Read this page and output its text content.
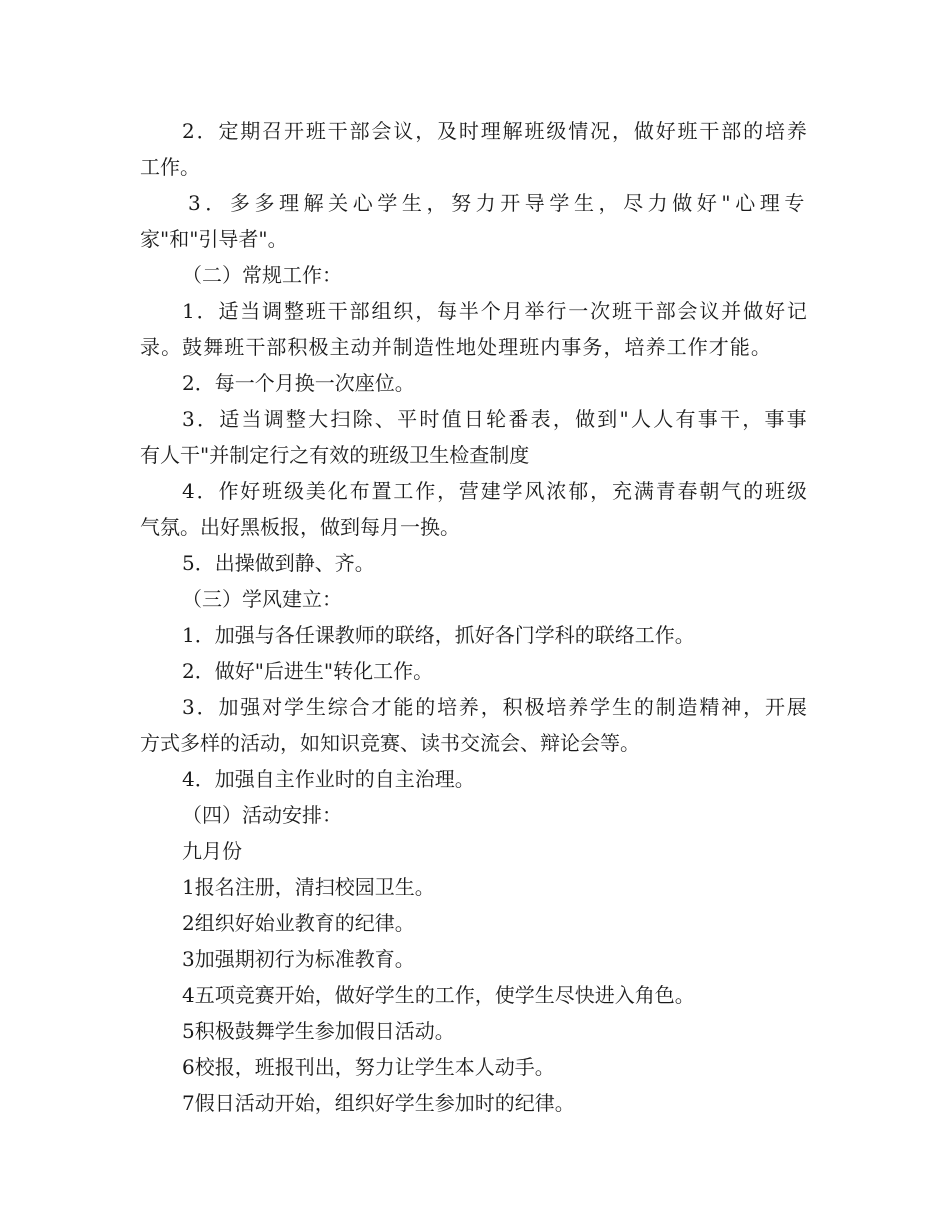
2．定期召开班干部会议，及时理解班级情况，做好班干部的培养
工作。
3．多多理解关心学生，努力开导学生，尽力做好"心理专
家"和"引导者"。
（二）常规工作：
1．适当调整班干部组织，每半个月举行一次班干部会议并做好记
录。鼓舞班干部积极主动并制造性地处理班内事务，培养工作才能。
2．每一个月换一次座位。
3．适当调整大扫除、平时值日轮番表，做到"人人有事干，事事
有人干"并制定行之有效的班级卫生检查制度
4．作好班级美化布置工作，营建学风浓郁，充满青春朝气的班级
气氛。出好黑板报，做到每月一换。
5．出操做到静、齐。
（三）学风建立：
1．加强与各任课教师的联络，抓好各门学科的联络工作。
2．做好"后进生"转化工作。
3．加强对学生综合才能的培养，积极培养学生的制造精神，开展
方式多样的活动，如知识竞赛、读书交流会、辩论会等。
4．加强自主作业时的自主治理。
（四）活动安排：
九月份
1报名注册，清扫校园卫生。
2组织好始业教育的纪律。
3加强期初行为标准教育。
4五项竞赛开始，做好学生的工作，使学生尽快进入角色。
5积极鼓舞学生参加假日活动。
6校报，班报刊出，努力让学生本人动手。
7假日活动开始，组织好学生参加时的纪律。
